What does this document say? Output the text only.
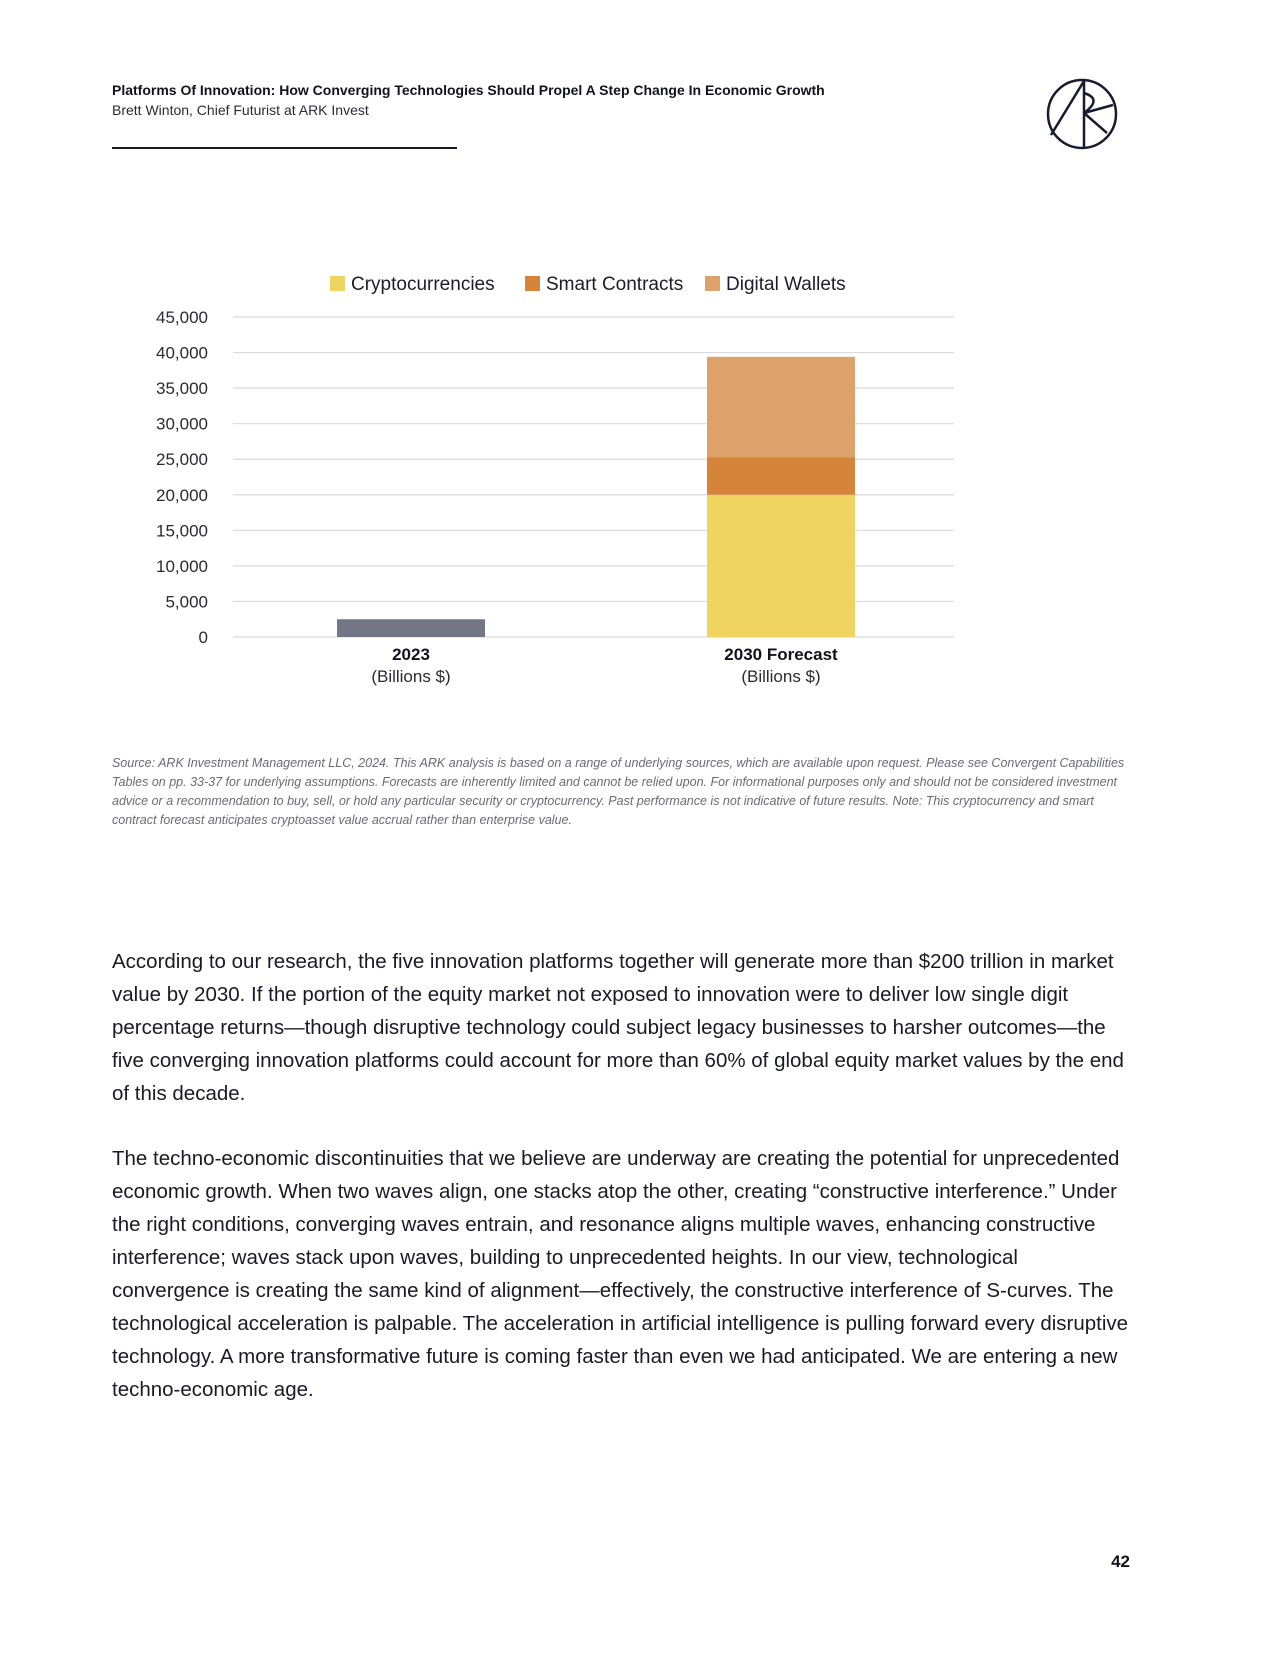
Platforms Of Innovation: How Converging Technologies Should Propel A Step Change In Economic Growth
Brett Winton, Chief Futurist at ARK Invest
Cryptocurrencies	Smart Contracts Digital Wallets
0
5,000
10,000
15,000
20,000
25,000
30,000
35,000
40,000
45,000
2023
(Billions $)
2030 Forecast
(Billions $)
Source: ARK Investment Management LLC, 2024. This ARK analysis is based on a range of underlying sources, which are available upon request. Please see Convergent Capabilities Tables on pp. 33-37 for underlying assumptions. Forecasts are inherently limited and cannot be relied upon. For informational purposes only and should not be considered investment advice or a recommendation to buy, sell, or hold any particular security or cryptocurrency. Past performance is not indicative of future results. Note: This cryptocurrency and smart contract forecast anticipates cryptoasset value accrual rather than enterprise value.

According to our research, the five innovation platforms together will generate more than $200 trillion in market value by 2030. If the portion of the equity market not exposed to innovation were to deliver low single digit percentage returns—though disruptive technology could subject legacy businesses to harsher outcomes—the five converging innovation platforms could account for more than 60% of global equity market values by the end of this decade.

The techno-economic discontinuities that we believe are underway are creating the potential for unprecedented economic growth. When two waves align, one stacks atop the other, creating “constructive interference.” Under the right conditions, converging waves entrain, and resonance aligns multiple waves, enhancing constructive interference; waves stack upon waves, building to unprecedented heights. In our view, technological convergence is creating the same kind of alignment—effectively, the constructive interference of S-curves. The technological acceleration is palpable. The acceleration in artificial intelligence is pulling forward every disruptive technology. A more transformative future is coming faster than even we had anticipated. We are entering a new techno-economic age.

42
